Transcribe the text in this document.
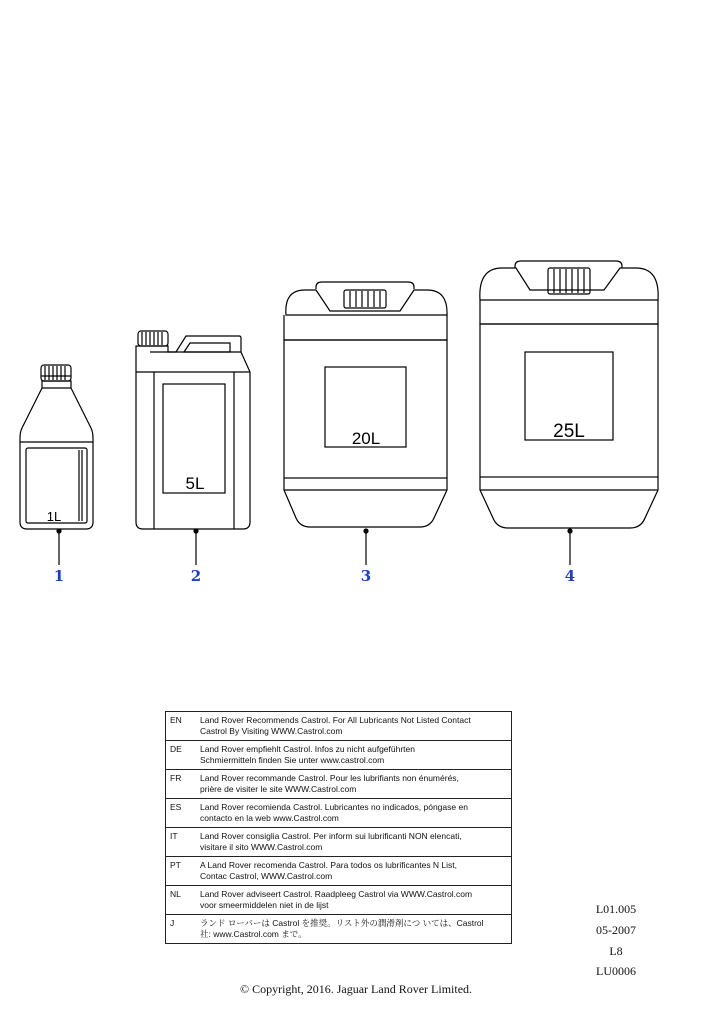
1L
5L
20L	25L
1	2	3	4
EN	Land Rover Recommends Castrol. For All Lubricants Not Listed Contact
Castrol By Visiting WWW.Castrol.com

DE	Land Rover empfiehlt Castrol. Infos zu nicht aufgeführten
Schmiermitteln finden Sie unter www.castrol.com

FR	Land Rover recommande Castrol. Pour les lubrifiants non énumérés,
prière de visiter le site WWW.Castrol.com

ES	Land Rover recomienda Castrol. Lubricantes no indicados, póngase en
contacto en la web www.Castrol.com

IT	Land Rover consiglia Castrol. Per inform sui lubrificanti NON elencati,
visitare il sito WWW.Castrol.com

PT	A Land Rover recomenda Castrol. Para todos os lubrificantes N List,
Contac Castrol, WWW.Castrol.com

NL	Land Rover adviseert Castrol. Raadpleeg Castrol via WWW.Castrol.com
voor smeermiddelen niet in de lijst

J	ランド ローバーは Castrol を推奨。リスト外の潤滑剤につ いては、Castrol
社: www.Castrol.com まで。
L01.005
05-2007
L8
LU0006
© Copyright, 2016. Jaguar Land Rover Limited.
